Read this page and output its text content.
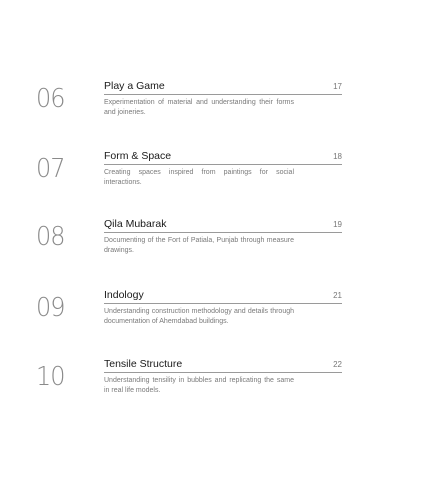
06	Play a Game	17
Experimentation of material and understanding their forms and joineries.
07	Form & Space	18
Creating spaces inspired from paintings for social interactions.
08	Qila Mubarak	19
Documenting of the Fort of Patiala, Punjab through measure drawings.
09	Indology	21
Understanding construction methodology and details through documentation of Ahemdabad buildings.
10	Tensile Structure	22
Understanding tensility in bubbles and replicating the same in real life models.
